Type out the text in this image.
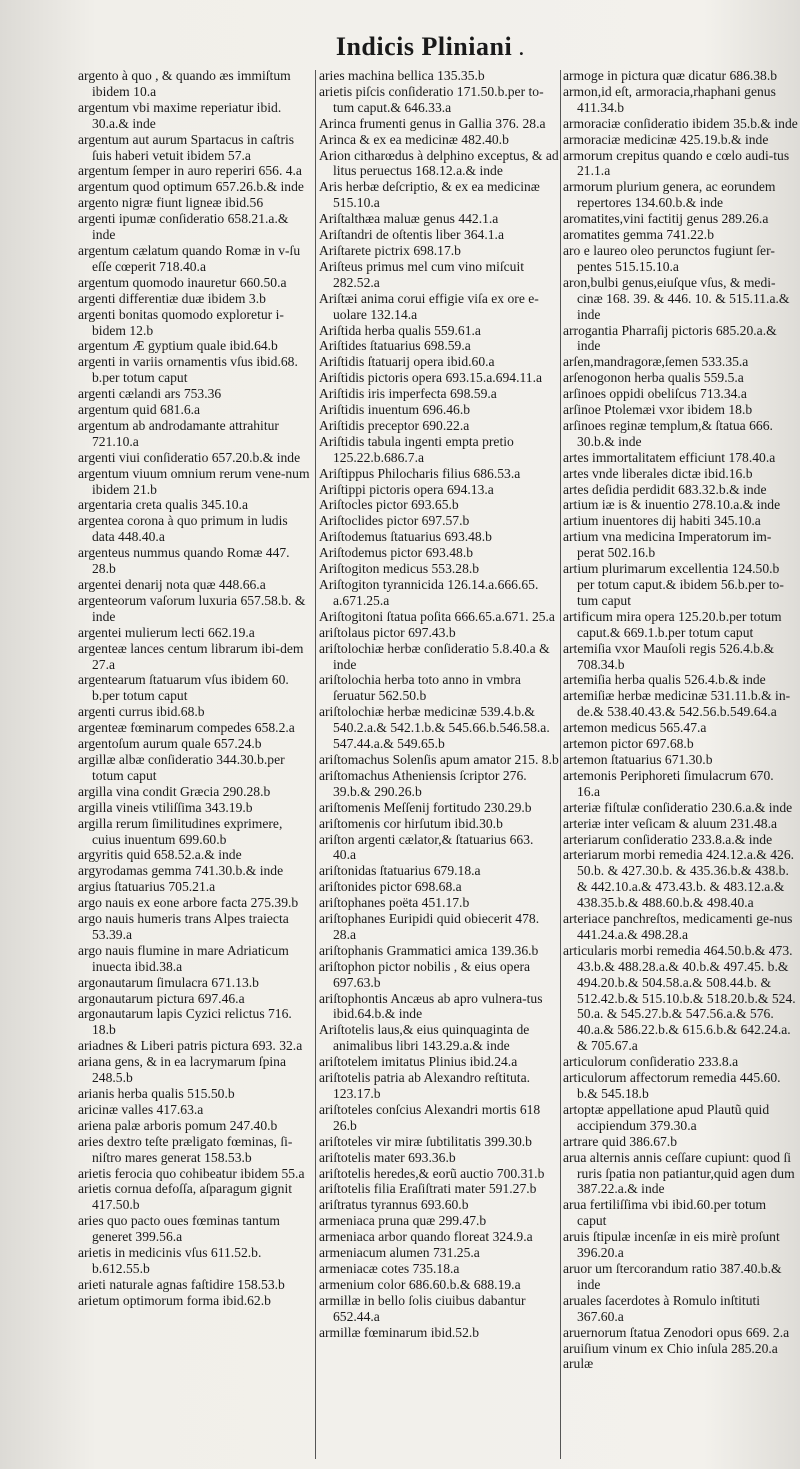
Indicis Pliniani .

argento à quo , & quando æs immiſtum ibidem 10.a

argentum vbi maxime reperiatur ibid. 30.a.& inde

argentum aut aurum Spartacus in caſtris ſuis haberi vetuit ibidem 57.a

argentum ſemper in auro reperiri 656. 4.a

argentum quod optimum 657.26.b.& inde

argento nigræ fiunt ligneæ ibid.56

argenti ipumæ conſideratio 658.21.a.& inde

argentum cælatum quando Romæ in v-ſu eſſe cœperit 718.40.a

argentum quomodo inauretur 660.50.a

argenti differentiæ duæ ibidem 3.b

argenti bonitas quomodo exploretur i-bidem 12.b

argentum Æ gyptium quale ibid.64.b

argenti in variis ornamentis vſus ibid.68. b.per totum caput

argenti cælandi ars 753.36

argentum quid 681.6.a

argentum ab androdamante attrahitur 721.10.a

argenti viui conſideratio 657.20.b.& inde

argentum viuum omnium rerum vene-num ibidem 21.b

argentaria creta qualis 345.10.a

argentea corona à quo primum in ludis data 448.40.a

argenteus nummus quando Romæ 447. 28.b

argentei denarij nota quæ 448.66.a

argenteorum vaſorum luxuria 657.58.b. & inde

argentei mulierum lecti 662.19.a

argenteæ lances centum librarum ibi-dem 27.a

argentearum ſtatuarum vſus ibidem 60. b.per totum caput

argenti currus ibid.68.b

argenteæ fœminarum compedes 658.2.a

argentoſum aurum quale 657.24.b

argillæ albæ conſideratio 344.30.b.per totum caput

argilla vina condit Græcia 290.28.b

argilla vineis vtiliſſima 343.19.b

argilla rerum ſimilitudines exprimere, cuius inuentum 699.60.b

argyritis quid 658.52.a.& inde

argyrodamas gemma 741.30.b.& inde

argius ſtatuarius 705.21.a

argo nauis ex eone arbore facta 275.39.b

argo nauis humeris trans Alpes traiecta 53.39.a

argo nauis flumine in mare Adriaticum inuecta ibid.38.a

argonautarum ſimulacra 671.13.b

argonautarum pictura 697.46.a

argonautarum lapis Cyzici relictus 716. 18.b

ariadnes & Liberi patris pictura 693. 32.a

ariana gens, & in ea lacrymarum ſpina 248.5.b

arianis herba qualis 515.50.b

aricinæ valles 417.63.a

ariena palæ arboris pomum 247.40.b

aries dextro teſte præligato fœminas, ſi-niſtro mares generat 158.53.b

arietis ferocia quo cohibeatur ibidem 55.a

arietis cornua defoſſa, aſparagum gignit 417.50.b

aries quo pacto oues fœminas tantum generet 399.56.a

arietis in medicinis vſus 611.52.b. b.612.55.b

arieti naturale agnas faſtidire 158.53.b

arietum optimorum forma ibid.62.b

aries machina bellica 135.35.b

arietis piſcis conſideratio 171.50.b.per to-tum caput.& 646.33.a

Arinca frumenti genus in Gallia 376. 28.a

Arinca & ex ea medicinæ 482.40.b

Arion citharœdus à delphino exceptus, & ad litus peruectus 168.12.a.& inde

Aris herbæ deſcriptio, & ex ea medicinæ 515.10.a

Ariſtalthæa maluæ genus 442.1.a

Ariſtandri de oſtentis liber 364.1.a

Ariſtarete pictrix 698.17.b

Ariſteus primus mel cum vino miſcuit 282.52.a

Ariſtæi anima corui effigie viſa ex ore e-uolare 132.14.a

Ariſtida herba qualis 559.61.a

Ariſtides ſtatuarius 698.59.a

Ariſtidis ſtatuarij opera ibid.60.a

Ariſtidis pictoris opera 693.15.a.694.11.a

Ariſtidis iris imperfecta 698.59.a

Ariſtidis inuentum 696.46.b

Ariſtidis preceptor 690.22.a

Ariſtidis tabula ingenti empta pretio 125.22.b.686.7.a

Ariſtippus Philocharis filius 686.53.a

Ariſtippi pictoris opera 694.13.a

Ariſtocles pictor 693.65.b

Ariſtoclides pictor 697.57.b

Ariſtodemus ſtatuarius 693.48.b

Ariſtodemus pictor 693.48.b

Ariſtogiton medicus 553.28.b

Ariſtogiton tyrannicida 126.14.a.666.65. a.671.25.a

Ariſtogitoni ſtatua poſita 666.65.a.671. 25.a

ariſtolaus pictor 697.43.b

ariſtolochiæ herbæ conſideratio 5.8.40.a & inde

ariſtolochia herba toto anno in vmbra ſeruatur 562.50.b

ariſtolochiæ herbæ medicinæ 539.4.b.& 540.2.a.& 542.1.b.& 545.66.b.546.58.a. 547.44.a.& 549.65.b

ariſtomachus Solenſis apum amator 215. 8.b

ariſtomachus Atheniensis ſcriptor 276. 39.b.& 290.26.b

ariſtomenis Meſſenij fortitudo 230.29.b

ariſtomenis cor hirſutum ibid.30.b

ariſton argenti cælator,& ſtatuarius 663. 40.a

ariſtonidas ſtatuarius 679.18.a

ariſtonides pictor 698.68.a

ariſtophanes poëta 451.17.b

ariſtophanes Euripidi quid obiecerit 478. 28.a

ariſtophanis Grammatici amica 139.36.b

ariſtophon pictor nobilis , & eius opera 697.63.b

ariſtophontis Ancæus ab apro vulnera-tus ibid.64.b.& inde

Ariſtotelis laus,& eius quinquaginta de animalibus libri 143.29.a.& inde

ariſtotelem imitatus Plinius ibid.24.a

ariſtotelis patria ab Alexandro reſtituta. 123.17.b

ariſtoteles conſcius Alexandri mortis 618 26.b

ariſtoteles vir miræ ſubtilitatis 399.30.b

ariſtotelis mater 693.36.b

ariſtotelis heredes,& eorũ auctio 700.31.b

ariſtotelis filia Eraſiſtrati mater 591.27.b

ariſtratus tyrannus 693.60.b

armeniaca pruna quæ 299.47.b

armeniaca arbor quando floreat 324.9.a

armeniacum alumen 731.25.a

armeniacæ cotes 735.18.a

armenium color 686.60.b.& 688.19.a

armillæ in bello ſolis ciuibus dabantur 652.44.a

armillæ fœminarum ibid.52.b

armoge in pictura quæ dicatur 686.38.b

armon,id eſt, armoracia,rhaphani genus 411.34.b

armoraciæ conſideratio ibidem 35.b.& inde

armoraciæ medicinæ 425.19.b.& inde

armorum crepitus quando e cœlo audi-tus 21.1.a

armorum plurium genera, ac eorundem repertores 134.60.b.& inde

aromatites,vini factitij genus 289.26.a

aromatites gemma 741.22.b

aro e laureo oleo perunctos fugiunt ſer-pentes 515.15.10.a

aron,bulbi genus,eiuſque vſus, & medi-cinæ 168. 39. & 446. 10. & 515.11.a.& inde

arrogantia Pharraſij pictoris 685.20.a.& inde

arſen,mandragoræ,ſemen 533.35.a

arſenogonon herba qualis 559.5.a

arſinoes oppidi obeliſcus 713.34.a

arſinoe Ptolemæi vxor ibidem 18.b

arſinoes reginæ templum,& ſtatua 666. 30.b.& inde

artes immortalitatem efficiunt 178.40.a

artes vnde liberales dictæ ibid.16.b

artes deſidia perdidit 683.32.b.& inde

artium iæ is & inuentio 278.10.a.& inde

artium inuentores dij habiti 345.10.a

artium vna medicina Imperatorum im-perat 502.16.b

artium plurimarum excellentia 124.50.b per totum caput.& ibidem 56.b.per to-tum caput

artificum mira opera 125.20.b.per totum caput.& 669.1.b.per totum caput

artemiſia vxor Mauſoli regis 526.4.b.& 708.34.b

artemiſia herba qualis 526.4.b.& inde

artemiſiæ herbæ medicinæ 531.11.b.& in-de.& 538.40.43.& 542.56.b.549.64.a

artemon medicus 565.47.a

artemon pictor 697.68.b

artemon ſtatuarius 671.30.b

artemonis Periphoreti ſimulacrum 670. 16.a

arteriæ fiſtulæ conſideratio 230.6.a.& inde

arteriæ inter veſicam & aluum 231.48.a

arteriarum conſideratio 233.8.a.& inde

arteriarum morbi remedia 424.12.a.& 426. 50.b. & 427.30.b. & 435.36.b.& 438.b. & 442.10.a.& 473.43.b. & 483.12.a.& 438.35.b.& 488.60.b.& 498.40.a

arteriace panchreſtos, medicamenti ge-nus 441.24.a.& 498.28.a

articularis morbi remedia 464.50.b.& 473. 43.b.& 488.28.a.& 40.b.& 497.45. b.& 494.20.b.& 504.58.a.& 508.44.b. & 512.42.b.& 515.10.b.& 518.20.b.& 524. 50.a. & 545.27.b.& 547.56.a.& 576. 40.a.& 586.22.b.& 615.6.b.& 642.24.a. & 705.67.a

articulorum conſideratio 233.8.a

articulorum affectorum remedia 445.60. b.& 545.18.b

artoptæ appellatione apud Plautũ quid accipiendum 379.30.a

artrare quid 386.67.b

arua alternis annis ceſſare cupiunt: quod ſi ruris ſpatia non patiantur,quid agen dum 387.22.a.& inde

arua fertiliſſima vbi ibid.60.per totum caput

aruis ſtipulæ incenſæ in eis mirè proſunt 396.20.a

aruor um ſtercorandum ratio 387.40.b.& inde

aruales ſacerdotes à Romulo inſtituti 367.60.a

aruernorum ſtatua Zenodori opus 669. 2.a

aruiſium vinum ex Chio inſula 285.20.a

arulæ
